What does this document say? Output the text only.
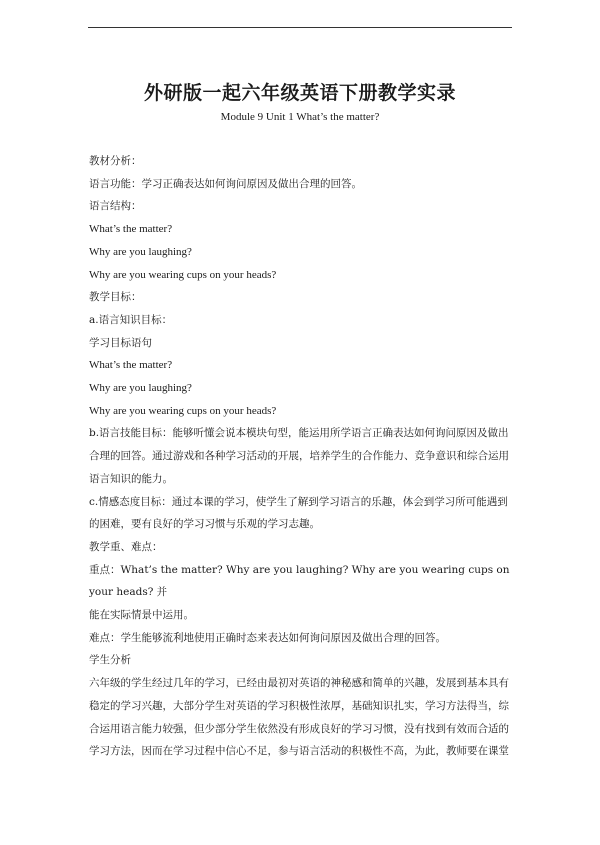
外研版一起六年级英语下册教学实录
Module 9 Unit 1 What’s the matter?

教材分析：

语言功能：学习正确表达如何询问原因及做出合理的回答。

语言结构：

What’s the matter?

Why are you laughing?

Why are you wearing cups on your heads?

教学目标：

a.语言知识目标：

学习目标语句

What’s the matter?

Why are you laughing?

Why are you wearing cups on your heads?

b.语言技能目标：能够听懂会说本模块句型，能运用所学语言正确表达如何询问原因及做出

合理的回答。通过游戏和各种学习活动的开展，培养学生的合作能力、竞争意识和综合运用

语言知识的能力。

c.情感态度目标：通过本课的学习，使学生了解到学习语言的乐趣，体会到学习所可能遇到

的困难，要有良好的学习习惯与乐观的学习志趣。

教学重、难点：

重点：What’s the matter? Why are you laughing? Why are you wearing cups on your heads? 并

能在实际情景中运用。

难点：学生能够流利地使用正确时态来表达如何询问原因及做出合理的回答。

学生分析

六年级的学生经过几年的学习，已经由最初对英语的神秘感和简单的兴趣，发展到基本具有

稳定的学习兴趣，大部分学生对英语的学习积极性浓厚，基础知识扎实，学习方法得当，综

合运用语言能力较强，但少部分学生依然没有形成良好的学习习惯，没有找到有效而合适的

学习方法，因而在学习过程中信心不足，参与语言活动的积极性不高，为此，教师要在课堂
